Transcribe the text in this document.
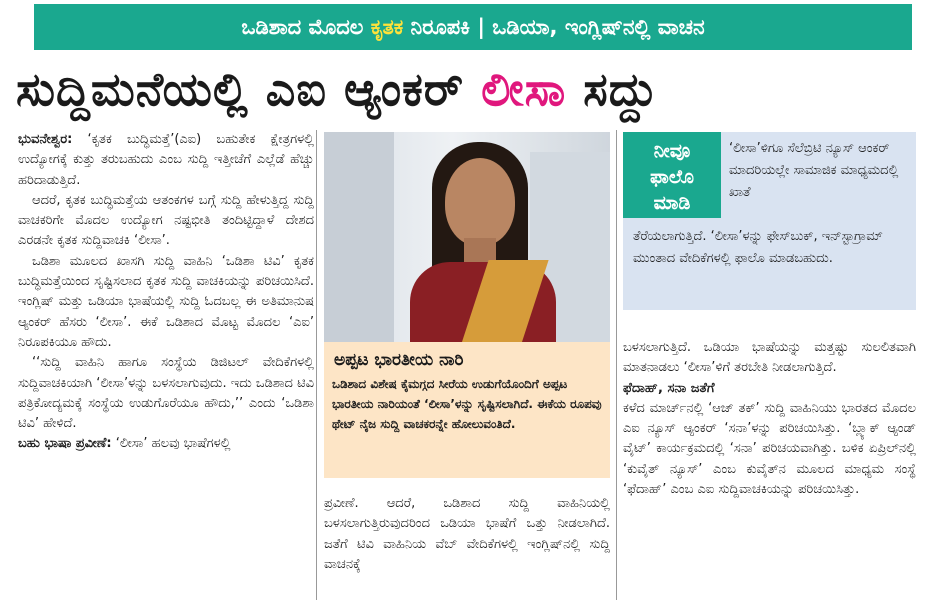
ಒಡಿಶಾದ ಮೊದಲ ಕೃತಕ ನಿರೂಪಕಿ | ಒಡಿಯಾ, ಇಂಗ್ಲಿಷ್‌ನಲ್ಲಿ ವಾಚನ
ಸುದ್ದಿಮನೆಯಲ್ಲಿ ಎಐ ಆ್ಯಂಕರ್ ಲೀಸಾ ಸದ್ದು

ಭುವನೇಶ್ವರ: ‘ಕೃತಕ ಬುದ್ಧಿಮತ್ತೆ’(ಎಐ) ಬಹುತೇಕ ಕ್ಷೇತ್ರಗಳಲ್ಲಿ ಉದ್ಯೋಗಕ್ಕೆ ಕುತ್ತು ತರುಬಹುದು ಎಂಬ ಸುದ್ದಿ ಇತ್ತೀಚೆಗೆ ಎಲ್ಲೆಡೆ ಹೆಚ್ಚು ಹರಿದಾಡುತ್ತಿದೆ.

ಆದರೆ, ಕೃತಕ ಬುದ್ಧಿಮತ್ತೆಯ ಆತಂಕಗಳ ಬಗ್ಗೆ ಸುದ್ದಿ ಹೇಳುತ್ತಿದ್ದ ಸುದ್ದಿ ವಾಚಕರಿಗೇ ಮೊದಲ ಉದ್ಯೋಗ ನಷ್ಟಭೀತಿ ತಂದಿಟ್ಟಿದ್ದಾಳೆ ದೇಶದ ಎರಡನೇ ಕೃತಕ ಸುದ್ದಿವಾಚಕಿ ‘ಲೀಸಾ’.

ಒಡಿಶಾ ಮೂಲದ ಖಾಸಗಿ ಸುದ್ದಿ ವಾಹಿನಿ ‘ಒಡಿಶಾ ಟಿವಿ’ ಕೃತಕ ಬುದ್ಧಿಮತ್ತೆಯಿಂದ ಸೃಷ್ಟಿಸಲಾದ ಕೃತಕ ಸುದ್ದಿ ವಾಚಕಿಯನ್ನು ಪರಿಚಯಿಸಿದೆ. ಇಂಗ್ಲಿಷ್ ಮತ್ತು ಒಡಿಯಾ ಭಾಷೆಯಲ್ಲಿ ಸುದ್ದಿ ಓದಬಲ್ಲ ಈ ಅತಿಮಾನುಷ ಆ್ಯಂಕರ್ ಹೆಸರು ‘ಲೀಸಾ’. ಈಕೆ ಒಡಿಶಾದ ಮೊಟ್ಟ ಮೊದಲ ‘ಎಐ’ ನಿರೂಪಕಿಯೂ ಹೌದು.

‘‘ಸುದ್ದಿ ವಾಹಿನಿ ಹಾಗೂ ಸಂಸ್ಥೆಯ ಡಿಜಿಟಲ್ ವೇದಿಕೆಗಳಲ್ಲಿ ಸುದ್ದಿವಾಚಕಿಯಾಗಿ ‘ಲೀಸಾ’ಳನ್ನು ಬಳಸಲಾಗುವುದು. ಇದು ಒಡಿಶಾದ ಟಿವಿ ಪತ್ರಿಕೋದ್ಯಮಕ್ಕೆ ಸಂಸ್ಥೆಯ ಉಡುಗೊರೆಯೂ ಹೌದು,’’ ಎಂದು ‘ಒಡಿಶಾ ಟಿವಿ’ ಹೇಳಿದೆ.

ಬಹು ಭಾಷಾ ಪ್ರವೀಣೆ: ‘ಲೀಸಾ’ ಹಲವು ಭಾಷೆಗಳಲ್ಲಿ

ಅಪ್ಪಟ ಭಾರತೀಯ ನಾರಿ
ಒಡಿಶಾದ ವಿಶೇಷ ಕೈಮಗ್ಗದ ಸೀರೆಯ ಉಡುಗೆಯೊಂದಿಗೆ ಅಪ್ಪಟ ಭಾರತೀಯ ನಾರಿಯಂತೆ ‘ಲೀಸಾ’ಳನ್ನು ಸೃಷ್ಟಿಸಲಾಗಿದೆ. ಈಕೆಯ ರೂಪವು ಥೇಟ್ ನೈಜ ಸುದ್ದಿ ವಾಚಕರನ್ನೇ ಹೋಲುವಂತಿದೆ.

ಪ್ರವೀಣೆ. ಆದರೆ, ಒಡಿಶಾದ ಸುದ್ದಿ ವಾಹಿನಿಯಲ್ಲಿ ಬಳಸಲಾಗುತ್ತಿರುವುದರಿಂದ ಒಡಿಯಾ ಭಾಷೆಗೆ ಒತ್ತು ನೀಡಲಾಗಿದೆ. ಜತೆಗೆ ಟಿವಿ ವಾಹಿನಿಯ ವೆಬ್ ವೇದಿಕೆಗಳಲ್ಲಿ ಇಂಗ್ಲಿಷ್‌ನಲ್ಲಿ ಸುದ್ದಿ ವಾಚನಕ್ಕೆ

‘ಲೀಸಾ’ಳಿಗೂ ಸೆಲೆಬ್ರಿಟಿ ನ್ಯೂಸ್ ಆಂಕರ್ ಮಾದರಿಯಲ್ಲೇ ಸಾಮಾಜಿಕ ಮಾಧ್ಯಮದಲ್ಲಿ ಖಾತೆ
ತೆರೆಯಲಾಗುತ್ತಿದೆ. ‘ಲೀಸಾ’ಳನ್ನು ಫೇಸ್‌ಬುಕ್, ಇನ್‌ಸ್ಟಾಗ್ರಾಮ್ ಮುಂತಾದ ವೇದಿಕೆಗಳಲ್ಲಿ ಫಾಲೊ ಮಾಡಬಹುದು.
ನೀವೂ
ಫಾಲೊ
ಮಾಡಿ

ಬಳಸಲಾಗುತ್ತಿದೆ. ಒಡಿಯಾ ಭಾಷೆಯನ್ನು ಮತ್ತಷ್ಟು ಸುಲಲಿತವಾಗಿ ಮಾತನಾಡಲು ‘ಲೀಸಾ’ಳಿಗೆ ತರಬೇತಿ ನೀಡಲಾಗುತ್ತಿದೆ.

ಫೆದಾಹ್, ಸನಾ ಜತೆಗೆ

ಕಳೆದ ಮಾರ್ಚ್‌ನಲ್ಲಿ ‘ಆಜ್ ತಕ್’ ಸುದ್ದಿ ವಾಹಿನಿಯು ಭಾರತದ ಮೊದಲ ಎಐ ನ್ಯೂಸ್ ಆ್ಯಂಕರ್ ‘ಸನಾ’ಳನ್ನು ಪರಿಚಯಿಸಿತ್ತು. ‘ಬ್ಲ್ಯಾಕ್ ಆ್ಯಂಡ್ ವೈಟ್’ ಕಾರ್ಯಕ್ರಮದಲ್ಲಿ ‘ಸನಾ’ ಪರಿಚಯವಾಗಿತ್ತು. ಬಳಿಕ ಏಪ್ರಿಲ್‌ನಲ್ಲಿ ‘ಕುವೈತ್ ನ್ಯೂಸ್’ ಎಂಬ ಕುವೈತ್‌ನ ಮೂಲದ ಮಾಧ್ಯಮ ಸಂಸ್ಥೆ ‘ಫೆದಾಹ್’ ಎಂಬ ಎಐ ಸುದ್ದಿವಾಚಕಿಯನ್ನು ಪರಿಚಯಿಸಿತ್ತು.
